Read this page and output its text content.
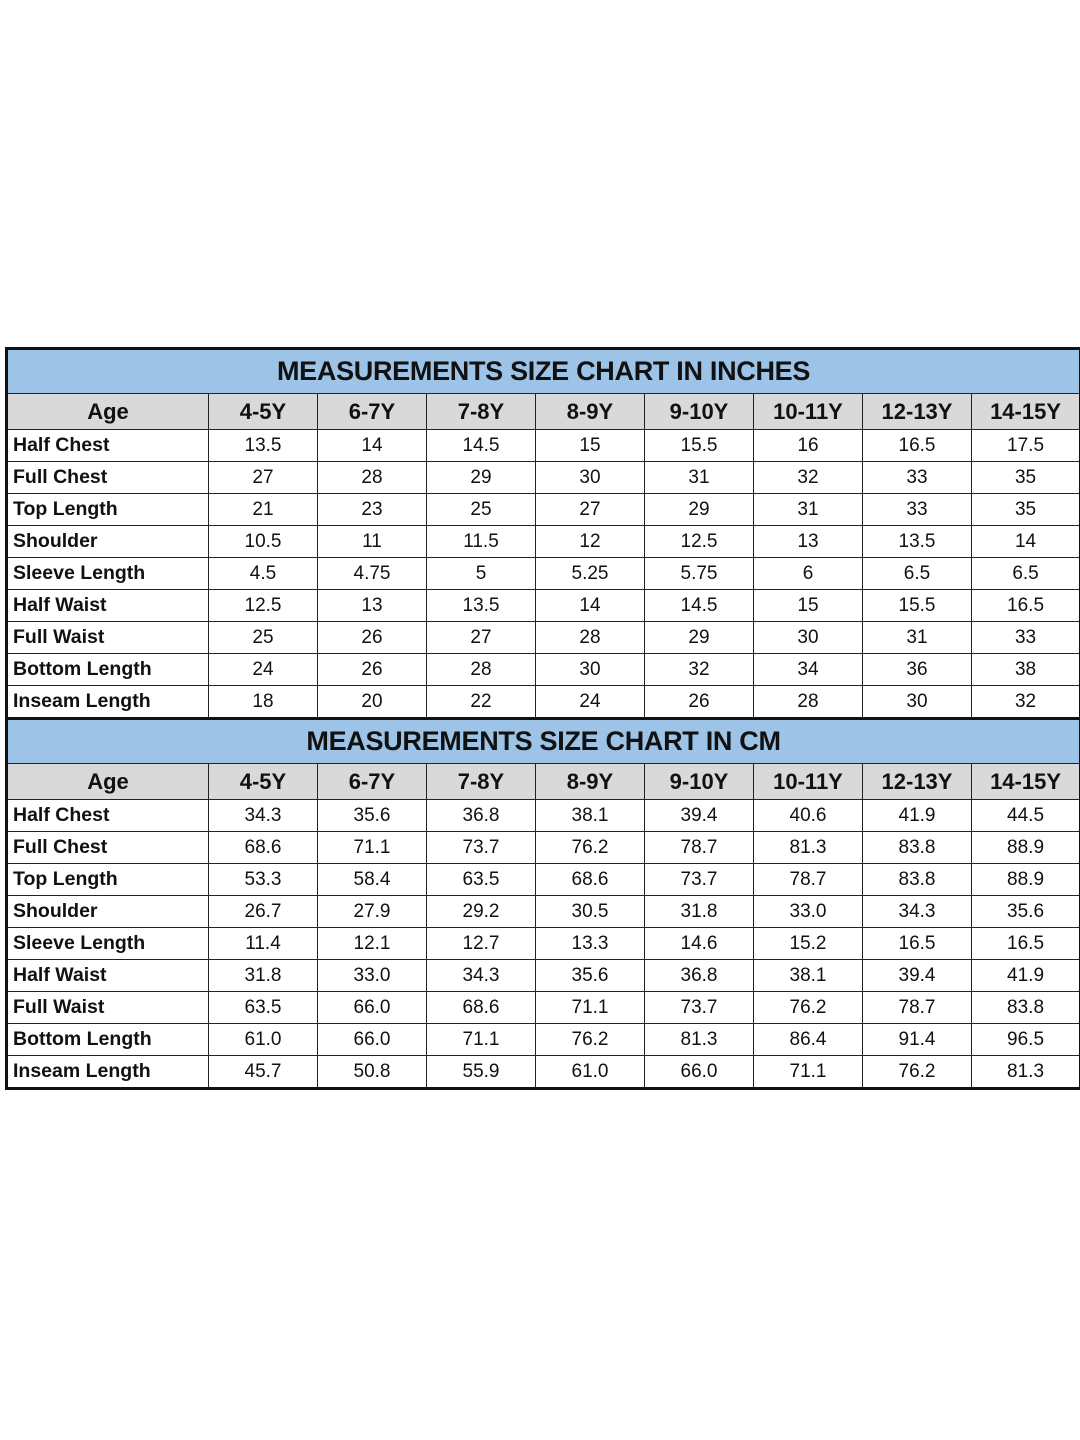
MEASUREMENTS SIZE CHART IN INCHES								
Age	4-5Y	6-7Y	7-8Y	8-9Y	9-10Y	10-11Y	12-13Y	14-15Y
Half Chest	13.5	14	14.5	15	15.5	16	16.5	17.5
Full Chest	27	28	29	30	31	32	33	35
Top Length	21	23	25	27	29	31	33	35
Shoulder	10.5	11	11.5	12	12.5	13	13.5	14
Sleeve Length	4.5	4.75	5	5.25	5.75	6	6.5	6.5
Half Waist	12.5	13	13.5	14	14.5	15	15.5	16.5
Full Waist	25	26	27	28	29	30	31	33
Bottom Length	24	26	28	30	32	34	36	38
Inseam Length	18	20	22	24	26	28	30	32
MEASUREMENTS SIZE CHART IN CM								
Age	4-5Y	6-7Y	7-8Y	8-9Y	9-10Y	10-11Y	12-13Y	14-15Y
Half Chest	34.3	35.6	36.8	38.1	39.4	40.6	41.9	44.5
Full Chest	68.6	71.1	73.7	76.2	78.7	81.3	83.8	88.9
Top Length	53.3	58.4	63.5	68.6	73.7	78.7	83.8	88.9
Shoulder	26.7	27.9	29.2	30.5	31.8	33.0	34.3	35.6
Sleeve Length	11.4	12.1	12.7	13.3	14.6	15.2	16.5	16.5
Half Waist	31.8	33.0	34.3	35.6	36.8	38.1	39.4	41.9
Full Waist	63.5	66.0	68.6	71.1	73.7	76.2	78.7	83.8
Bottom Length	61.0	66.0	71.1	76.2	81.3	86.4	91.4	96.5
Inseam Length	45.7	50.8	55.9	61.0	66.0	71.1	76.2	81.3
